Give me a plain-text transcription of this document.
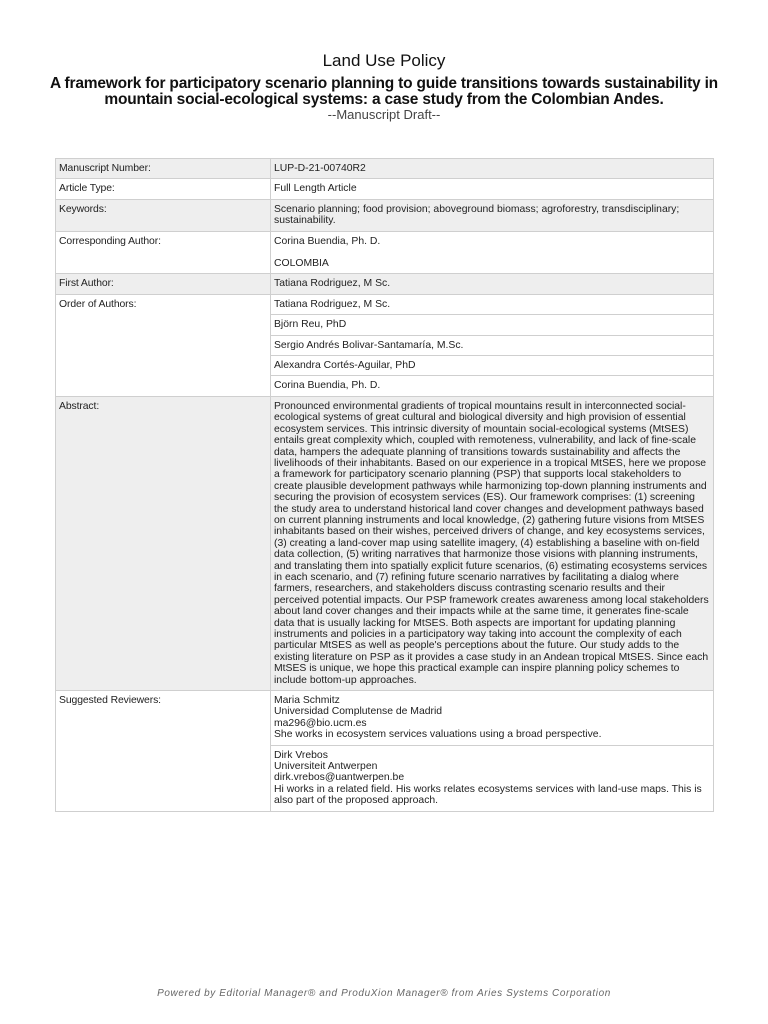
Land Use Policy
A framework for participatory scenario planning to guide transitions towards sustainability in mountain social-ecological systems: a case study from the Colombian Andes.
--Manuscript Draft--
Manuscript Number:	LUP-D-21-00740R2
Article Type:	Full Length Article
Keywords:	Scenario planning; food provision; aboveground biomass; agroforestry, transdisciplinary; sustainability.
Corresponding Author:	Corina Buendia, Ph. D.
COLOMBIA

First Author:	Tatiana Rodriguez, M Sc.
Order of Authors:	Tatiana Rodriguez, M Sc.
	Björn Reu, PhD
	Sergio Andrés Bolivar-Santamaría, M.Sc.
	Alexandra Cortés-Aguilar, PhD
	Corina Buendia, Ph. D.
Abstract:	Pronounced environmental gradients of tropical mountains result in interconnected social-ecological systems of great cultural and biological diversity and high provision of essential ecosystem services. This intrinsic diversity of mountain social-ecological systems (MtSES) entails great complexity which, coupled with remoteness, vulnerability, and lack of fine-scale data, hampers the adequate planning of transitions towards sustainability and affects the livelihoods of their inhabitants. Based on our experience in a tropical MtSES, here we propose a framework for participatory scenario planning (PSP) that supports local stakeholders to create plausible development pathways while harmonizing top-down planning instruments and securing the provision of ecosystem services (ES). Our framework comprises: (1) screening the study area to understand historical land cover changes and development pathways based on current planning instruments and local knowledge, (2) gathering future visions from MtSES inhabitants based on their wishes, perceived drivers of change, and key ecosystems services, (3) creating a land-cover map using satellite imagery, (4) establishing a baseline with on-field data collection, (5) writing narratives that harmonize those visions with planning instruments, and translating them into spatially explicit future scenarios, (6) estimating ecosystems services in each scenario, and (7) refining future scenario narratives by facilitating a dialog where farmers, researchers, and stakeholders discuss contrasting scenario results and their perceived potential impacts. Our PSP framework creates awareness among local stakeholders about land cover changes and their impacts while at the same time, it generates fine-scale data that is usually lacking for MtSES. Both aspects are important for updating planning instruments and policies in a participatory way taking into account the complexity of each particular MtSES as well as people's perceptions about the future. Our study adds to the existing literature on PSP as it provides a case study in an Andean tropical MtSES. Since each MtSES is unique, we hope this practical example can inspire planning policy schemes to include bottom-up approaches.
Suggested Reviewers:	Maria Schmitz
Universidad Complutense de Madrid
ma296@bio.ucm.es
She works in ecosystem services valuations using a broad perspective.

	Dirk Vrebos
Universiteit Antwerpen
dirk.vrebos@uantwerpen.be
Hi works in a related field. His works relates ecosystems services with land-use maps. This is also part of the proposed approach.
Powered by Editorial Manager® and ProduXion Manager® from Aries Systems Corporation
